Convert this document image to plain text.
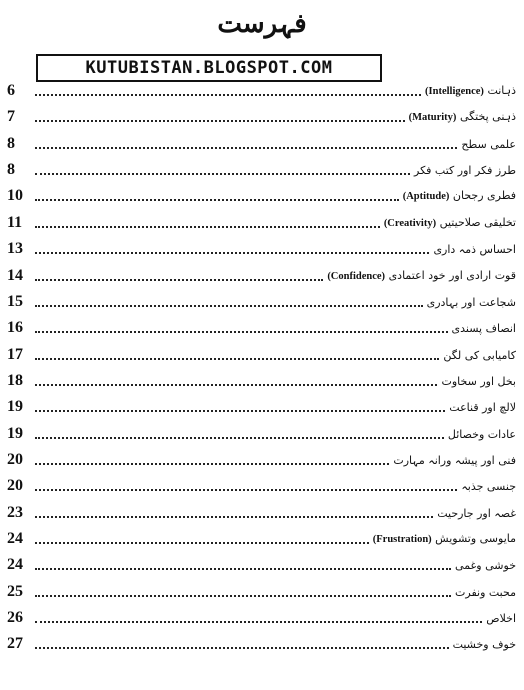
فہرست
KUTUBISTAN.BLOGSPOT.COM
6	ذہانت (Intelligence)
7	ذہنی پختگی (Maturity)
8	علمی سطح
8	طرز فکر اور کتب فکر
10	فطری رجحان (Aptitude)
11	تخلیقی صلاحیتیں (Creativity)
13	احساس ذمہ داری
14	قوت ارادی اور خود اعتمادی (Confidence)
15	شجاعت اور بہادری
16	انصاف پسندی
17	کامیابی کی لگن
18	بخل اور سخاوت
19	لالچ اور قناعت
19	عادات وخصائل
20	فنی اور پیشہ ورانہ مہارت
20	جنسی جذبہ
23	غصہ اور جارحیت
24	مایوسی وتشویش (Frustration)
24	خوشی وغمی
25	محبت ونفرت
26	اخلاص
27	خوف وخشیت
